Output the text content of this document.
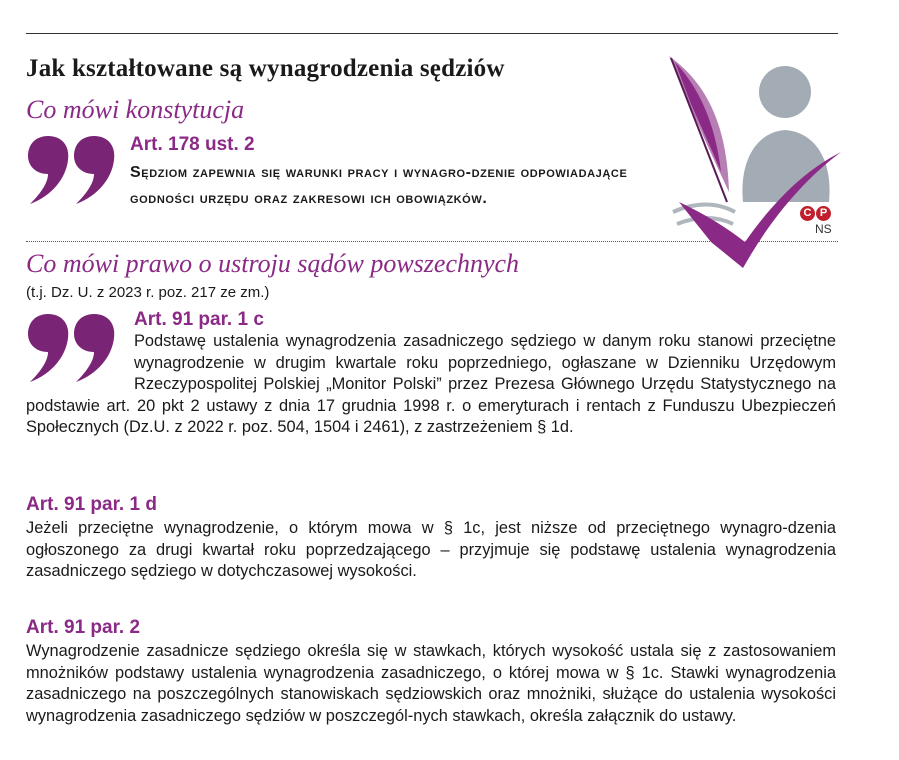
Jak kształtowane są wynagrodzenia sędziów
Co mówi konstytucja
Art. 178 ust. 2
Sędziom zapewnia się warunki pracy i wynagro-dzenie odpowiadające godności urzędu oraz zakresowi ich obowiązków.
Co mówi prawo o ustroju sądów powszechnych
(t.j. Dz. U. z 2023 r. poz. 217 ze zm.)
Art. 91 par. 1 c
Podstawę ustalenia wynagrodzenia zasadniczego sędziego w danym roku stanowi przeciętne wynagrodzenie w drugim kwartale roku poprzedniego, ogłaszane w Dzienniku Urzędowym Rzeczypospolitej Polskiej „Monitor Polski” przez Prezesa Głównego Urzędu Statystycznego na podstawie art. 20 pkt 2 ustawy z dnia 17 grudnia 1998 r. o emeryturach i rentach z Funduszu Ubezpieczeń Społecznych (Dz.U. z 2022 r. poz. 504, 1504 i 2461), z zastrzeżeniem § 1d.
Art. 91 par. 1 d
Jeżeli przeciętne wynagrodzenie, o którym mowa w § 1c, jest niższe od przeciętnego wynagro-dzenia ogłoszonego za drugi kwartał roku poprzedzającego – przyjmuje się podstawę ustalenia wynagrodzenia zasadniczego sędziego w dotychczasowej wysokości.
Art. 91 par. 2
Wynagrodzenie zasadnicze sędziego określa się w stawkach, których wysokość ustala się z zastosowaniem mnożników podstawy ustalenia wynagrodzenia zasadniczego, o której mowa w § 1c. Stawki wynagrodzenia zasadniczego na poszczególnych stanowiskach sędziowskich oraz mnożniki, służące do ustalenia wysokości wynagrodzenia zasadniczego sędziów w poszczegól-nych stawkach, określa załącznik do ustawy.
C P
NS
